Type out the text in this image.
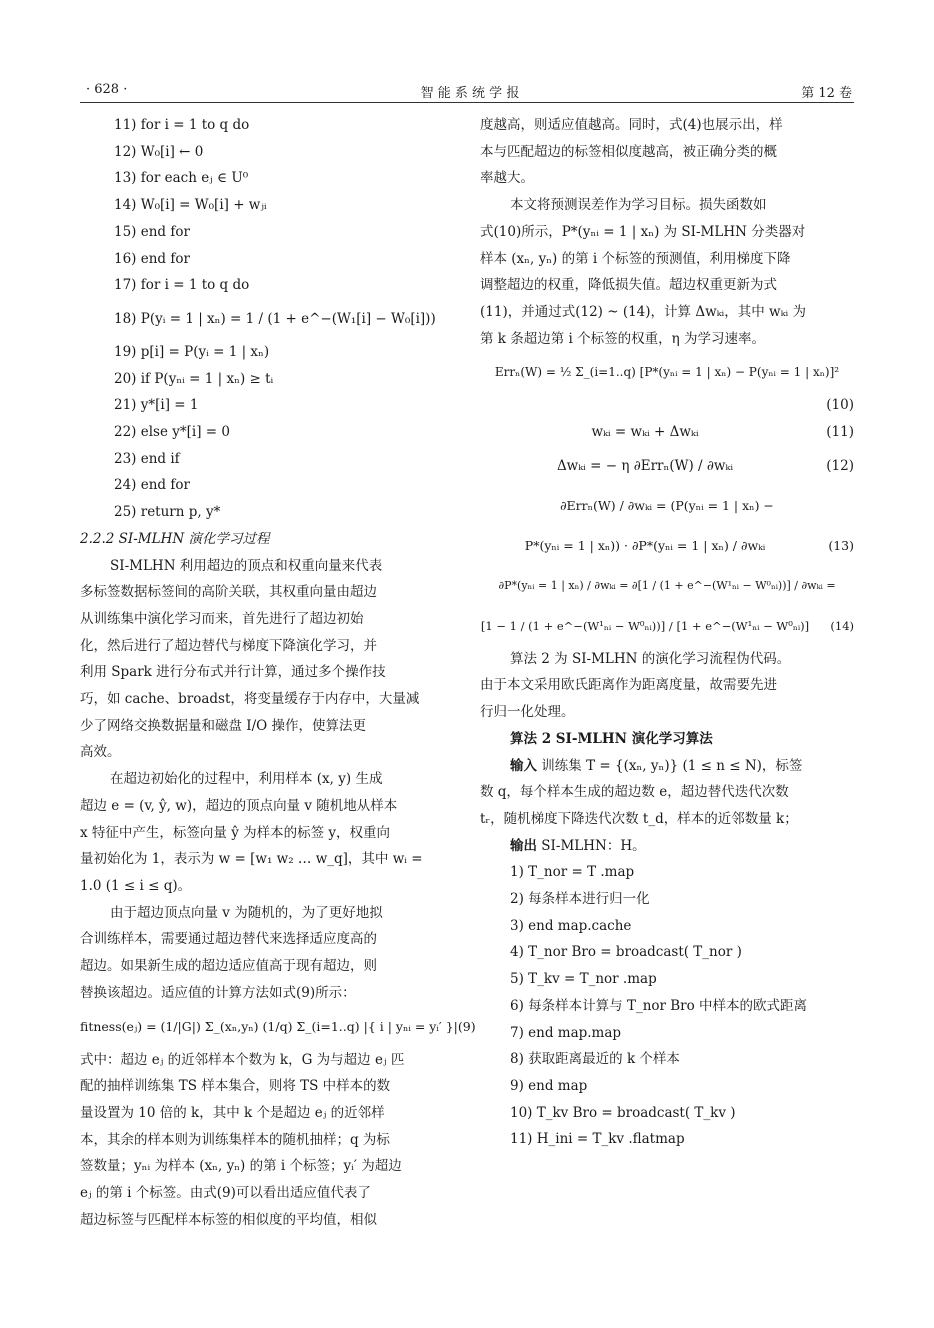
· 628 ·	智 能 系 统 学 报	第 12 卷
11) for i = 1 to q do
12) W₀[i] ← 0
13) for each eⱼ ∈ U⁰
14) W₀[i] = W₀[i] + wⱼᵢ
15) end for
16) end for
17) for i = 1 to q do
18) P(yᵢ = 1 | xₙ) = 1 / (1 + e^−(W₁[i] − W₀[i]))
19) p[i] = P(yᵢ = 1 | xₙ)
20) if P(yₙᵢ = 1 | xₙ) ≥ tᵢ
21) y*[i] = 1
22) else y*[i] = 0
23) end if
24) end for
25) return p, y*
2.2.2 SI-MLHN 演化学习过程
SI-MLHN 利用超边的顶点和权重向量来代表
多标签数据标签间的高阶关联，其权重向量由超边
从训练集中演化学习而来，首先进行了超边初始
化，然后进行了超边替代与梯度下降演化学习，并
利用 Spark 进行分布式并行计算，通过多个操作技
巧，如 cache、broadst，将变量缓存于内存中，大量减
少了网络交换数据量和磁盘 I/O 操作，使算法更
高效。
在超边初始化的过程中，利用样本 (x, y) 生成
超边 e = (v, ŷ, w)，超边的顶点向量 v 随机地从样本
x 特征中产生，标签向量 ŷ 为样本的标签 y，权重向
量初始化为 1，表示为 w = [w₁ w₂ … w_q]，其中 wᵢ =
1.0 (1 ≤ i ≤ q)。
由于超边顶点向量 v 为随机的，为了更好地拟
合训练样本，需要通过超边替代来选择适应度高的
超边。如果新生成的超边适应值高于现有超边，则
替换该超边。适应值的计算方法如式(9)所示：
fitness(eⱼ) = (1/|G|) Σ_(xₙ,yₙ) (1/q) Σ_(i=1..q) |{ i | yₙᵢ = yᵢ′ }| (9)
式中：超边 eⱼ 的近邻样本个数为 k，G 为与超边 eⱼ 匹
配的抽样训练集 TS 样本集合，则将 TS 中样本的数
量设置为 10 倍的 k，其中 k 个是超边 eⱼ 的近邻样
本，其余的样本则为训练集样本的随机抽样；q 为标
签数量；yₙᵢ 为样本 (xₙ, yₙ) 的第 i 个标签；yᵢ′ 为超边
eⱼ 的第 i 个标签。由式(9)可以看出适应值代表了
超边标签与匹配样本标签的相似度的平均值，相似
度越高，则适应值越高。同时，式(4)也展示出，样
本与匹配超边的标签相似度越高，被正确分类的概
率越大。
本文将预测误差作为学习目标。损失函数如
式(10)所示，P*(yₙᵢ = 1 | xₙ) 为 SI-MLHN 分类器对
样本 (xₙ, yₙ) 的第 i 个标签的预测值，利用梯度下降
调整超边的权重，降低损失值。超边权重更新为式
(11)，并通过式(12) ~ (14)，计算 Δwₖᵢ，其中 wₖᵢ 为
第 k 条超边第 i 个标签的权重，η 为学习速率。
Errₙ(W) = ½ Σ_(i=1..q) [P*(yₙᵢ = 1 | xₙ) − P(yₙᵢ = 1 | xₙ)]²
(10)
wₖᵢ = wₖᵢ + Δwₖᵢ	(11)
Δwₖᵢ = − η ∂Errₙ(W) / ∂wₖᵢ	(12)
∂Errₙ(W) / ∂wₖᵢ = (P(yₙᵢ = 1 | xₙ) −
P*(yₙᵢ = 1 | xₙ)) · ∂P*(yₙᵢ = 1 | xₙ) / ∂wₖᵢ	(13)
∂P*(yₙᵢ = 1 | xₙ) / ∂wₖᵢ = ∂[1 / (1 + e^−(W¹ₙᵢ − W⁰ₙᵢ))] / ∂wₖᵢ =
[1 − 1 / (1 + e^−(W¹ₙᵢ − W⁰ₙᵢ))] / [1 + e^−(W¹ₙᵢ − W⁰ₙᵢ)]	(14)
算法 2 为 SI-MLHN 的演化学习流程伪代码。
由于本文采用欧氏距离作为距离度量，故需要先进
行归一化处理。
算法 2 SI-MLHN 演化学习算法
输入 训练集 T = {(xₙ, yₙ)} (1 ≤ n ≤ N)，标签
数 q，每个样本生成的超边数 e，超边替代迭代次数
tᵣ，随机梯度下降迭代次数 t_d，样本的近邻数量 k；
输出 SI-MLHN：H。
1) T_nor = T .map
2) 每条样本进行归一化
3) end map.cache
4) T_nor Bro = broadcast( T_nor )
5) T_kv = T_nor .map
6) 每条样本计算与 T_nor Bro 中样本的欧式距离
7) end map.map
8) 获取距离最近的 k 个样本
9) end map
10) T_kv Bro = broadcast( T_kv )
11) H_ini = T_kv .flatmap
